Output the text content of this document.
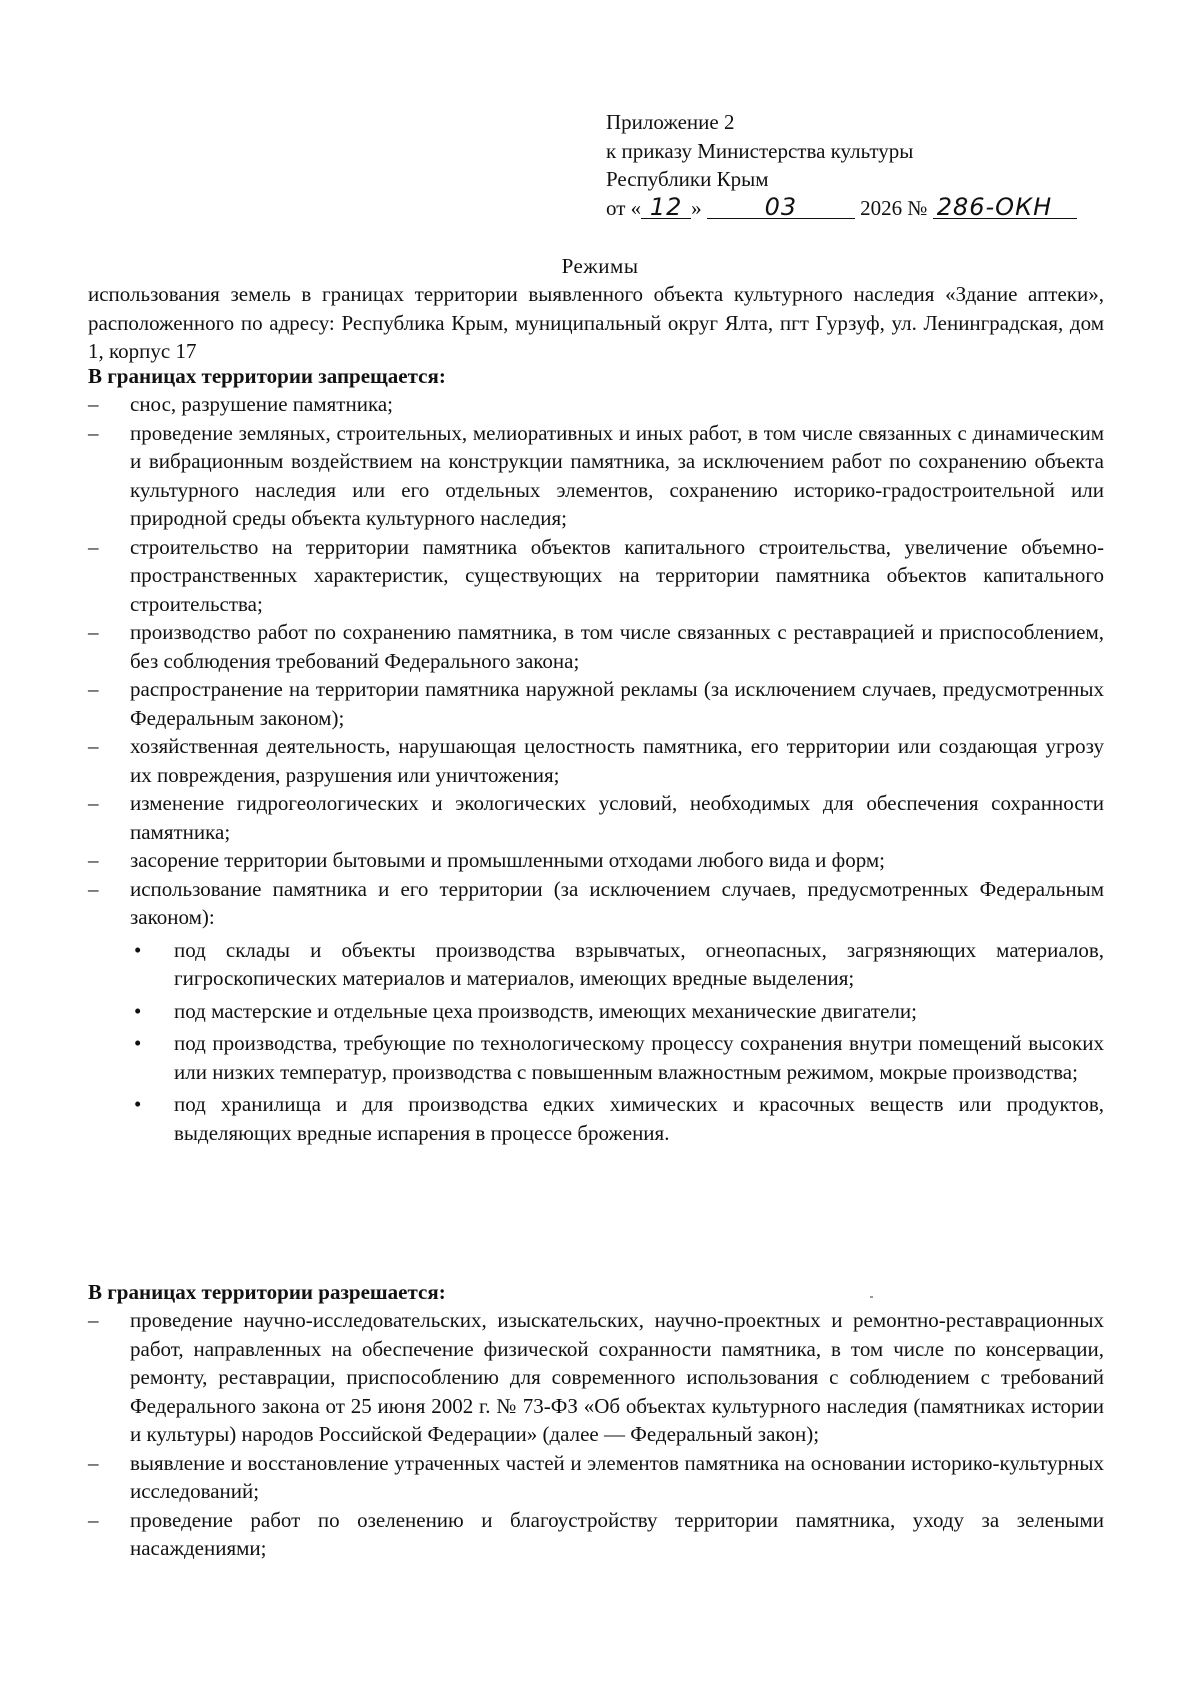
Приложение 2
к приказу Министерства культуры
Республики Крым
от « 12 »	03	2026 № 286-ОКН
Режимы
использования земель в границах территории выявленного объекта культурного наследия «Здание аптеки», расположенного по адресу: Республика Крым, муниципальный округ Ялта, пгт Гурзуф, ул. Ленинградская, дом 1, корпус 17
В границах территории запрещается:
– снос, разрушение памятника;
– проведение земляных, строительных, мелиоративных и иных работ, в том числе связанных с динамическим и вибрационным воздействием на конструкции памятника, за исключением работ по сохранению объекта культурного наследия или его отдельных элементов, сохранению историко-градостроительной или природной среды объекта культурного наследия;
– строительство на территории памятника объектов капитального строительства, увеличение объемно-пространственных характеристик, существующих на территории памятника объектов капитального строительства;
– производство работ по сохранению памятника, в том числе связанных с реставрацией и приспособлением, без соблюдения требований Федерального закона;
– распространение на территории памятника наружной рекламы (за исключением случаев, предусмотренных Федеральным законом);
– хозяйственная деятельность, нарушающая целостность памятника, его территории или создающая угрозу их повреждения, разрушения или уничтожения;
– изменение гидрогеологических и экологических условий, необходимых для обеспечения сохранности памятника;
– засорение территории бытовыми и промышленными отходами любого вида и форм;
– использование памятника и его территории (за исключением случаев, предусмотренных Федеральным законом):
• под склады и объекты производства взрывчатых, огнеопасных, загрязняющих материалов, гигроскопических материалов и материалов, имеющих вредные выделения;
• под мастерские и отдельные цеха производств, имеющих механические двигатели;
• под производства, требующие по технологическому процессу сохранения внутри помещений высоких или низких температур, производства с повышенным влажностным режимом, мокрые производства;
• под хранилища и для производства едких химических и красочных веществ или продуктов, выделяющих вредные испарения в процессе брожения.
В границах территории разрешается:
– проведение научно-исследовательских, изыскательских, научно-проектных и ремонтно-реставрационных работ, направленных на обеспечение физической сохранности памятника, в том числе по консервации, ремонту, реставрации, приспособлению для современного использования с соблюдением с требований Федерального закона от 25 июня 2002 г. № 73-ФЗ «Об объектах культурного наследия (памятниках истории и культуры) народов Российской Федерации» (далее — Федеральный закон);
– выявление и восстановление утраченных частей и элементов памятника на основании историко-культурных исследований;
– проведение работ по озеленению и благоустройству территории памятника, уходу за зелеными насаждениями;
